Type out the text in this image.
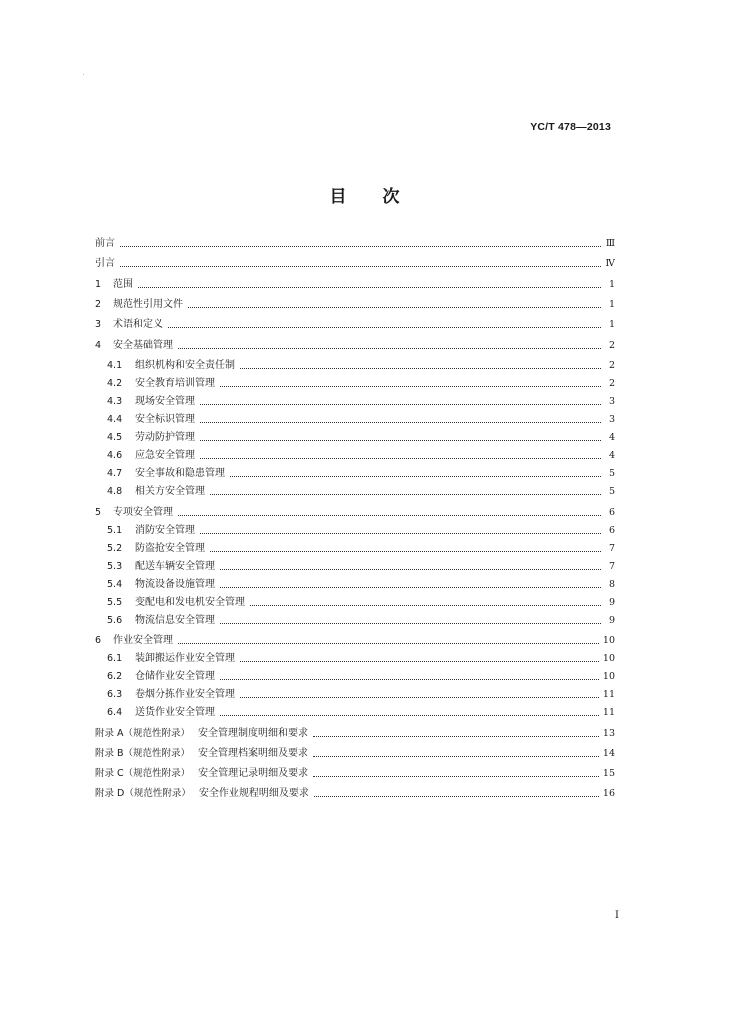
YC/T 478—2013
目 次
前言	Ⅲ
引言	Ⅳ
1	范围	1
2	规范性引用文件	1
3	术语和定义	1
4	安全基础管理	2
4.1	组织机构和安全责任制	2
4.2	安全教育培训管理	2
4.3	现场安全管理	3
4.4	安全标识管理	3
4.5	劳动防护管理	4
4.6	应急安全管理	4
4.7	安全事故和隐患管理	5
4.8	相关方安全管理	5
5	专项安全管理	6
5.1	消防安全管理	6
5.2	防盗抢安全管理	7
5.3	配送车辆安全管理	7
5.4	物流设备设施管理	8
5.5	变配电和发电机安全管理	9
5.6	物流信息安全管理	9
6	作业安全管理	10
6.1	装卸搬运作业安全管理	10
6.2	仓储作业安全管理	10
6.3	卷烟分拣作业安全管理	11
6.4	送货作业安全管理	11
附录 A（规范性附录） 安全管理制度明细和要求	13
附录 B（规范性附录） 安全管理档案明细及要求	14
附录 C（规范性附录） 安全管理记录明细及要求	15
附录 D（规范性附录） 安全作业规程明细及要求	16
I
